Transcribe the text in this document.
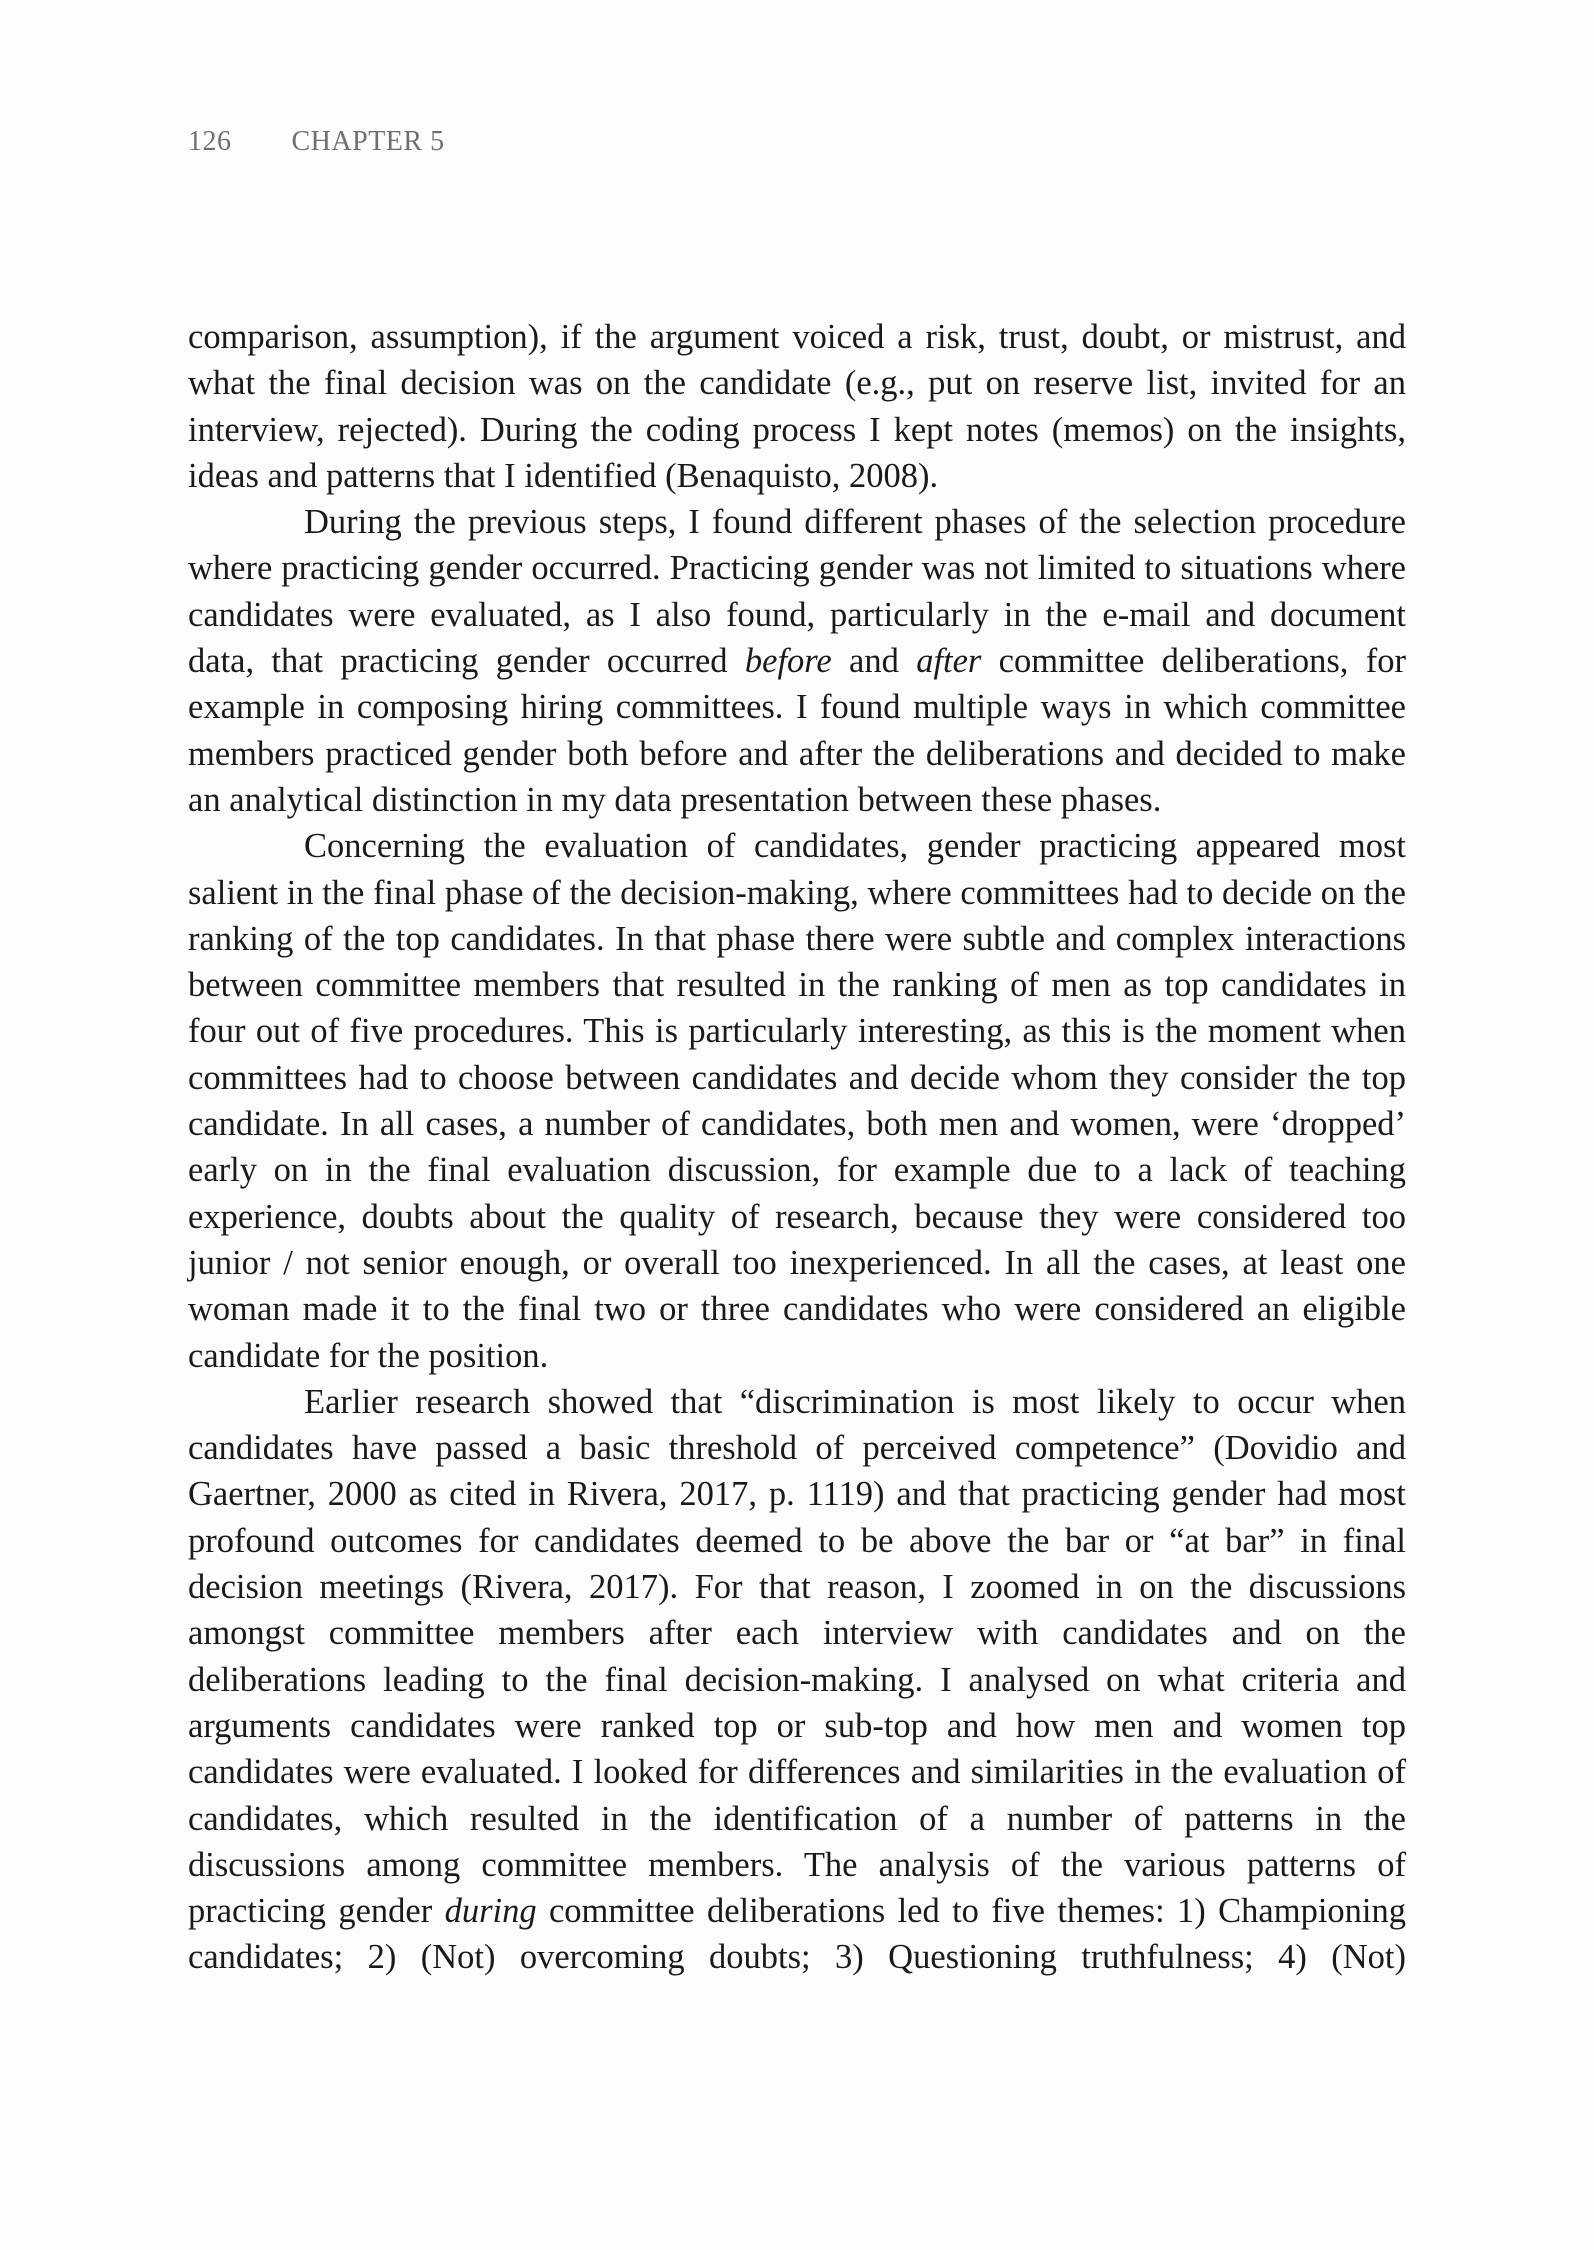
126 CHAPTER 5

comparison, assumption), if the argument voiced a risk, trust, doubt, or mistrust, and what the final decision was on the candidate (e.g., put on reserve list, invited for an interview, rejected). During the coding process I kept notes (memos) on the insights, ideas and patterns that I identified (Benaquisto, 2008).

During the previous steps, I found different phases of the selection procedure where practicing gender occurred. Practicing gender was not limited to situations where candidates were evaluated, as I also found, particularly in the e-mail and document data, that practicing gender occurred before and after committee deliberations, for example in composing hiring committees. I found multiple ways in which committee members practiced gender both before and after the deliberations and decided to make an analytical distinction in my data presentation between these phases.

Concerning the evaluation of candidates, gender practicing appeared most salient in the final phase of the decision-making, where committees had to decide on the ranking of the top candidates. In that phase there were subtle and complex interactions between committee members that resulted in the ranking of men as top candidates in four out of five procedures. This is particularly interesting, as this is the moment when committees had to choose between candidates and decide whom they consider the top candidate. In all cases, a number of candidates, both men and women, were ‘dropped’ early on in the final evaluation discussion, for example due to a lack of teaching experience, doubts about the quality of research, because they were considered too junior / not senior enough, or overall too inexperienced. In all the cases, at least one woman made it to the final two or three candidates who were considered an eligible candidate for the position.

Earlier research showed that “discrimination is most likely to occur when candidates have passed a basic threshold of perceived competence” (Dovidio and Gaertner, 2000 as cited in Rivera, 2017, p. 1119) and that practicing gender had most profound outcomes for candidates deemed to be above the bar or “at bar” in final decision meetings (Rivera, 2017). For that reason, I zoomed in on the discussions amongst committee members after each interview with candidates and on the deliberations leading to the final decision-making. I analysed on what criteria and arguments candidates were ranked top or sub-top and how men and women top candidates were evaluated. I looked for differences and similarities in the evaluation of candidates, which resulted in the identification of a number of patterns in the discussions among committee members. The analysis of the various patterns of practicing gender during committee deliberations led to five themes: 1) Championing candidates; 2) (Not) overcoming doubts; 3) Questioning truthfulness; 4) (Not)
